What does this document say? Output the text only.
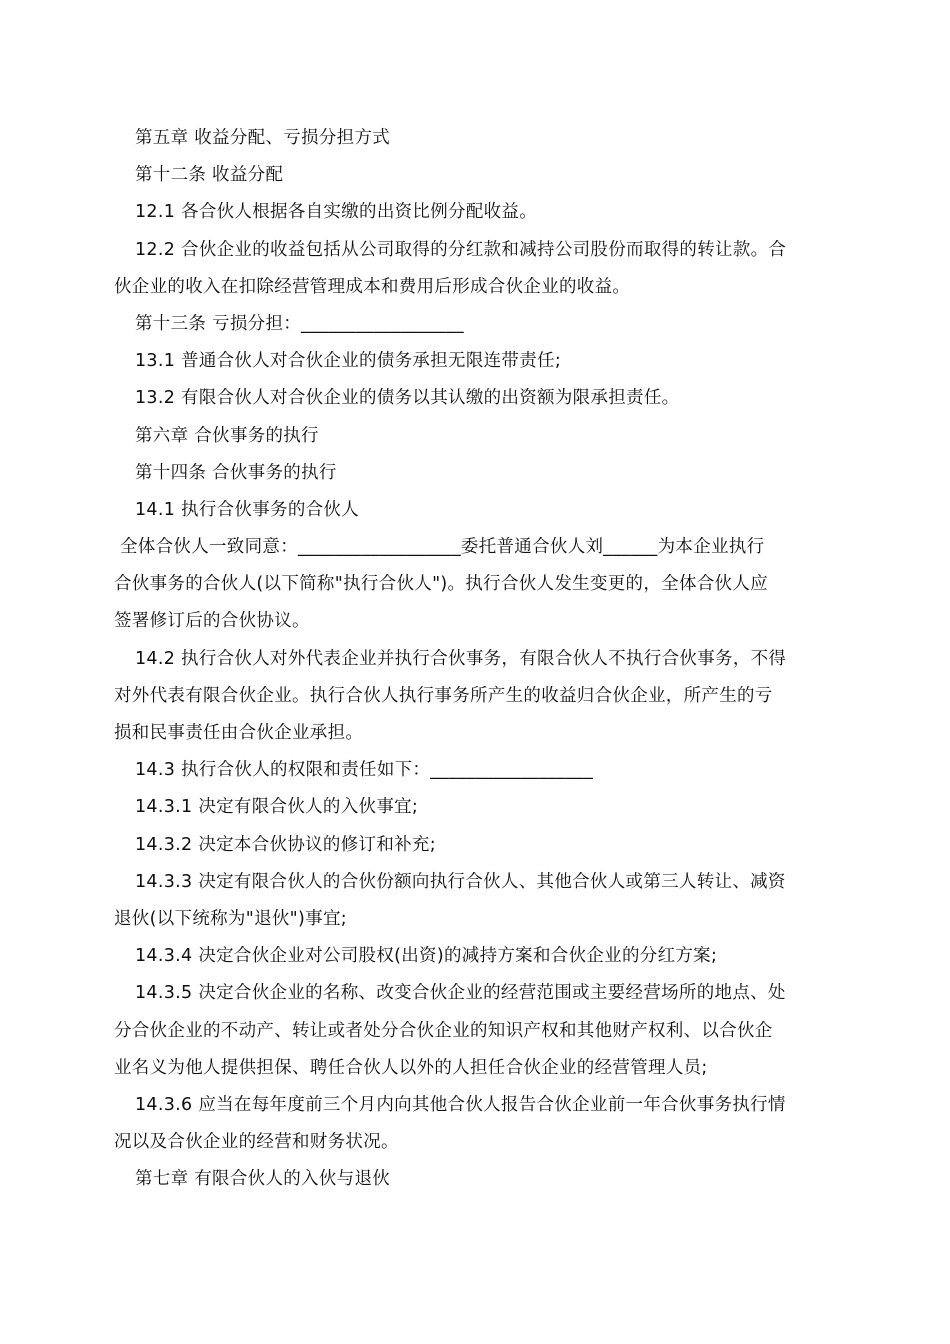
第五章 收益分配、亏损分担方式
第十二条 收益分配
12.1 各合伙人根据各自实缴的出资比例分配收益。
12.2 合伙企业的收益包括从公司取得的分红款和减持公司股份而取得的转让款。合
伙企业的收入在扣除经营管理成本和费用后形成合伙企业的收益。
第十三条 亏损分担：__________________
13.1 普通合伙人对合伙企业的债务承担无限连带责任;
13.2 有限合伙人对合伙企业的债务以其认缴的出资额为限承担责任。
第六章 合伙事务的执行
第十四条 合伙事务的执行
14.1 执行合伙事务的合伙人
全体合伙人一致同意：__________________委托普通合伙人刘______为本企业执行
合伙事务的合伙人(以下简称"执行合伙人")。执行合伙人发生变更的，全体合伙人应
签署修订后的合伙协议。
14.2 执行合伙人对外代表企业并执行合伙事务，有限合伙人不执行合伙事务，不得
对外代表有限合伙企业。执行合伙人执行事务所产生的收益归合伙企业，所产生的亏
损和民事责任由合伙企业承担。
14.3 执行合伙人的权限和责任如下：__________________
14.3.1 决定有限合伙人的入伙事宜;
14.3.2 决定本合伙协议的修订和补充;
14.3.3 决定有限合伙人的合伙份额向执行合伙人、其他合伙人或第三人转让、减资
退伙(以下统称为"退伙")事宜;
14.3.4 决定合伙企业对公司股权(出资)的减持方案和合伙企业的分红方案;
14.3.5 决定合伙企业的名称、改变合伙企业的经营范围或主要经营场所的地点、处
分合伙企业的不动产、转让或者处分合伙企业的知识产权和其他财产权利、以合伙企
业名义为他人提供担保、聘任合伙人以外的人担任合伙企业的经营管理人员;
14.3.6 应当在每年度前三个月内向其他合伙人报告合伙企业前一年合伙事务执行情
况以及合伙企业的经营和财务状况。
第七章 有限合伙人的入伙与退伙
